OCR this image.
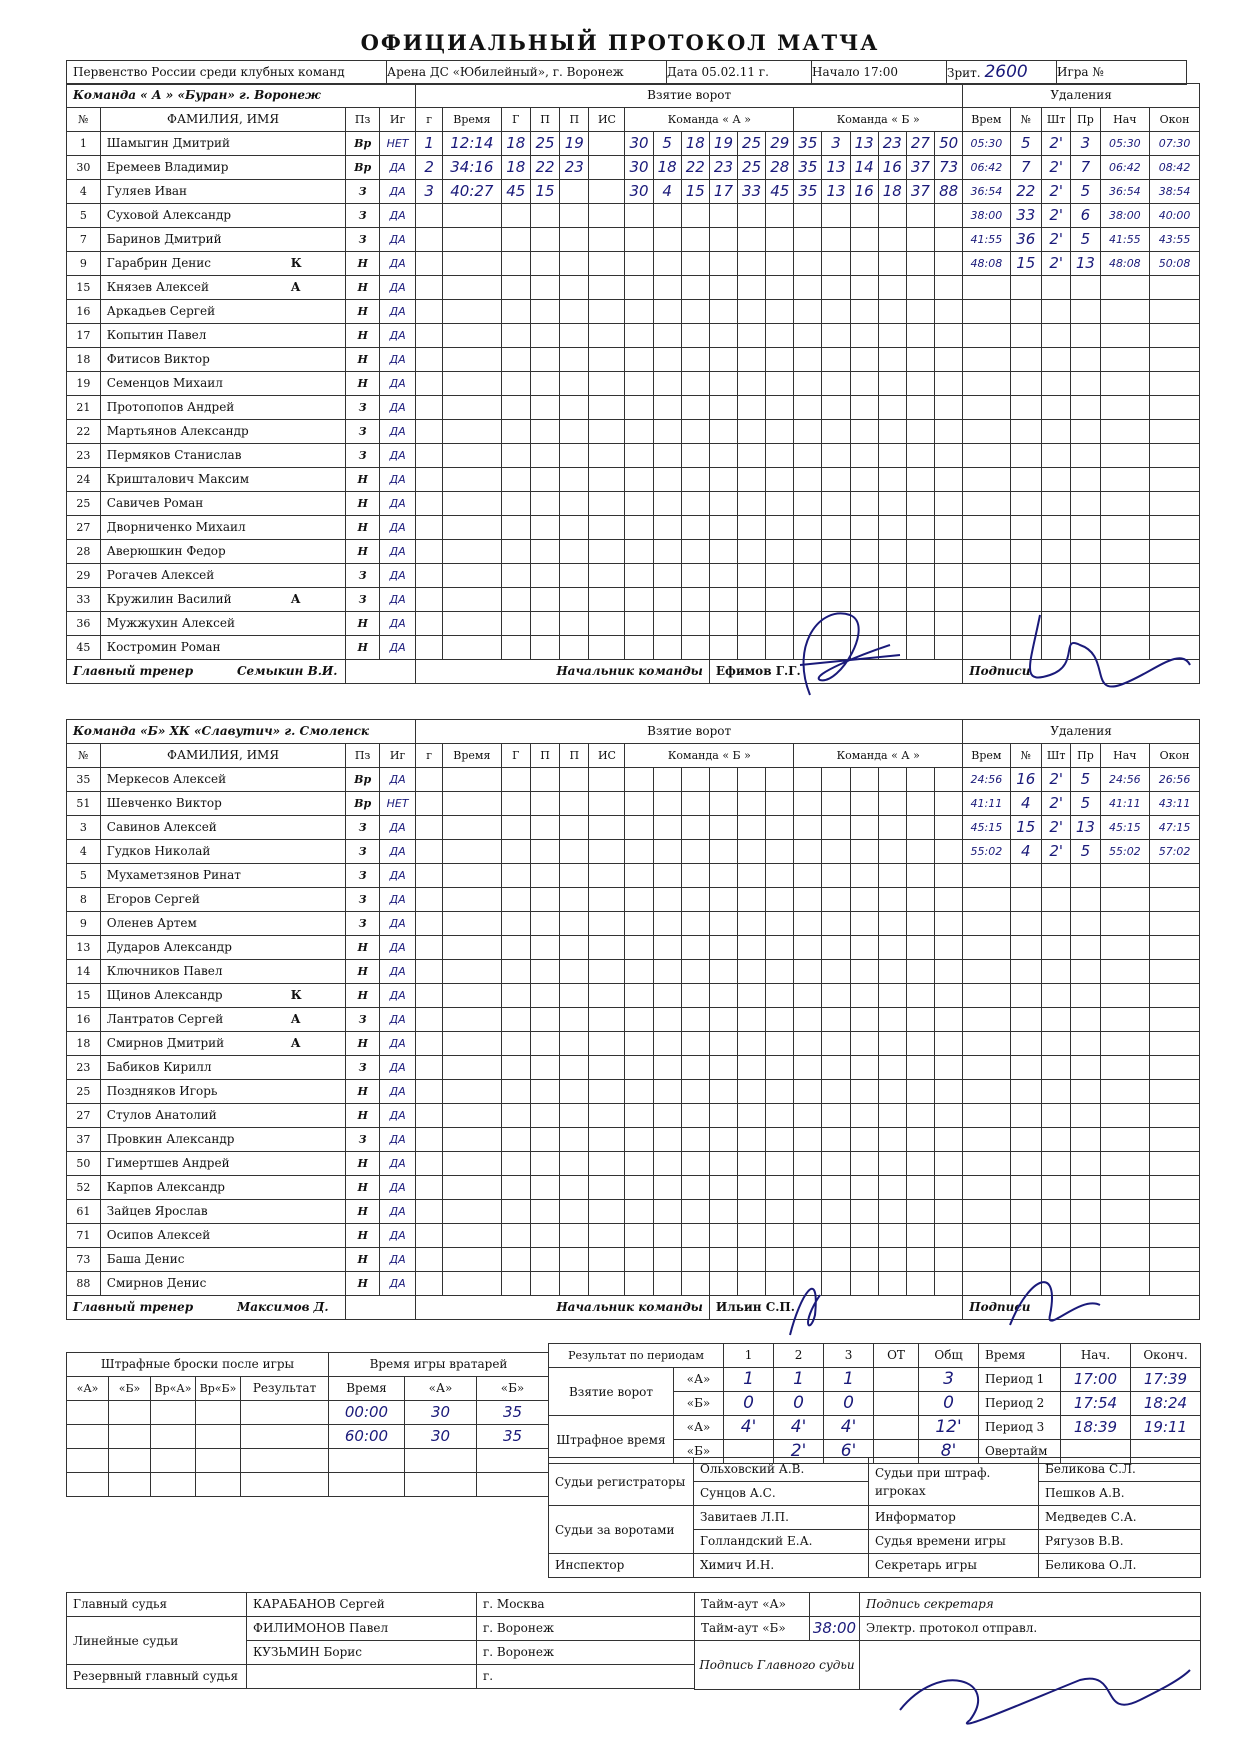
ОФИЦИАЛЬНЫЙ ПРОТОКОЛ МАТЧА
Первенство России среди клубных команд	Арена ДС «Юбилейный», г. Воронеж	Дата 05.02.11 г.	Начало 17:00	Зрит. 2600	Игра №
Команда « А » «Буран» г. Воронеж				Взятие ворот																		Удаления					
№	ФАМИЛИЯ, ИМЯ	Пз	Иг	г	Время	Г	П	П	ИС	Команда « А »						Команда « Б »						Врем	№	Шт	Пр	Нач	Окон
1	Шамыгин Дмитрий	Вр	НЕТ	1	12:14	18	25	19		30	5	18	19	25	29	35	3	13	23	27	50	05:30	5	2'	3	05:30	07:30
30	Еремеев Владимир	Вр	ДА	2	34:16	18	22	23		30	18	22	23	25	28	35	13	14	16	37	73	06:42	7	2'	7	06:42	08:42
4	Гуляев Иван	З	ДА	3	40:27	45	15			30	4	15	17	33	45	35	13	16	18	37	88	36:54	22	2'	5	36:54	38:54
5	Суховой Александр	З	ДА																			38:00	33	2'	6	38:00	40:00
7	Баринов Дмитрий	З	ДА																			41:55	36	2'	5	41:55	43:55
9	Гарабрин Денис К	Н	ДА																			48:08	15	2'	13	48:08	50:08
15	Князев Алексей А	Н	ДА																								
16	Аркадьев Сергей	Н	ДА																								
17	Копытин Павел	Н	ДА																								
18	Фитисов Виктор	Н	ДА																								
19	Семенцов Михаил	Н	ДА																								
21	Протопопов Андрей	З	ДА																								
22	Мартьянов Александр	З	ДА																								
23	Пермяков Станислав	З	ДА																								
24	Кришталович Максим	Н	ДА																								
25	Савичев Роман	Н	ДА																								
27	Дворниченко Михаил	Н	ДА																								
28	Аверюшкин Федор	Н	ДА																								
29	Рогачев Алексей	З	ДА																								
33	Кружилин Василий А	З	ДА																								
36	Мужжухин Алексей	Н	ДА																								
45	Костромин Роман	Н	ДА																								
Главный тренер Семыкин В.И.				Начальник команды									Ефимов Г.Г.									Подписи					
Команда «Б» ХК «Славутич» г. Смоленск				Взятие ворот																		Удаления					
№	ФАМИЛИЯ, ИМЯ	Пз	Иг	г	Время	Г	П	П	ИС	Команда « Б »						Команда « А »						Врем	№	Шт	Пр	Нач	Окон
35	Меркесов Алексей	Вр	ДА																			24:56	16	2'	5	24:56	26:56
51	Шевченко Виктор	Вр	НЕТ																			41:11	4	2'	5	41:11	43:11
3	Савинов Алексей	З	ДА																			45:15	15	2'	13	45:15	47:15
4	Гудков Николай	З	ДА																			55:02	4	2'	5	55:02	57:02
5	Мухаметзянов Ринат	З	ДА																								
8	Егоров Сергей	З	ДА																								
9	Оленев Артем	З	ДА																								
13	Дударов Александр	Н	ДА																								
14	Ключников Павел	Н	ДА																								
15	Щинов Александр К	Н	ДА																								
16	Лантратов Сергей А	З	ДА																								
18	Смирнов Дмитрий А	Н	ДА																								
23	Бабиков Кирилл	З	ДА																								
25	Поздняков Игорь	Н	ДА																								
27	Стулов Анатолий	Н	ДА																								
37	Провкин Александр	З	ДА																								
50	Гимертшев Андрей	Н	ДА																								
52	Карпов Александр	Н	ДА																								
61	Зайцев Ярослав	Н	ДА																								
71	Осипов Алексей	Н	ДА																								
73	Баша Денис	Н	ДА																								
88	Смирнов Денис	Н	ДА																								
Главный тренер Максимов Д.				Начальник команды									Ильин С.П.									Подписи					
Штрафные броски после игры				
«А»	«Б»	Вр«А»	Вр«Б»	Результат

Время игры вратарей		
Время	«А»	«Б»
00:00	30	35
60:00	30	35

Результат по периодам		1	2	3	ОТ	Общ
Взятие ворот	«А»	1	1	1		3
	«Б»	0	0	0		0
Штрафное время	«А»	4'	4'	4'		12'
	«Б»		2'	6'		8'
Время	Нач.	Оконч.
Период 1	17:00	17:39
Период 2	17:54	18:24
Период 3	18:39	19:11
Овертайм		
Судьи регистраторы	Ольховский А.В.	Судьи при штраф. игроках	Беликова С.Л.
	Сунцов А.С.		Пешков А.В.
Судьи за воротами	Завитаев Л.П.	Информатор	Медведев С.А.
	Голландский Е.А.	Судья времени игры	Рягузов В.В.
Инспектор	Химич И.Н.	Секретарь игры	Беликова О.Л.
Главный судья	КАРАБАНОВ Сергей	г. Москва
Линейные судьи	ФИЛИМОНОВ Павел	г. Воронеж
	КУЗЬМИН Борис	г. Воронеж
Резервный главный судья		г.
Тайм-аут «А»		Подпись секретаря
Тайм-аут «Б»	38:00	Электр. протокол отправл.
Подпись Главного судьи		
